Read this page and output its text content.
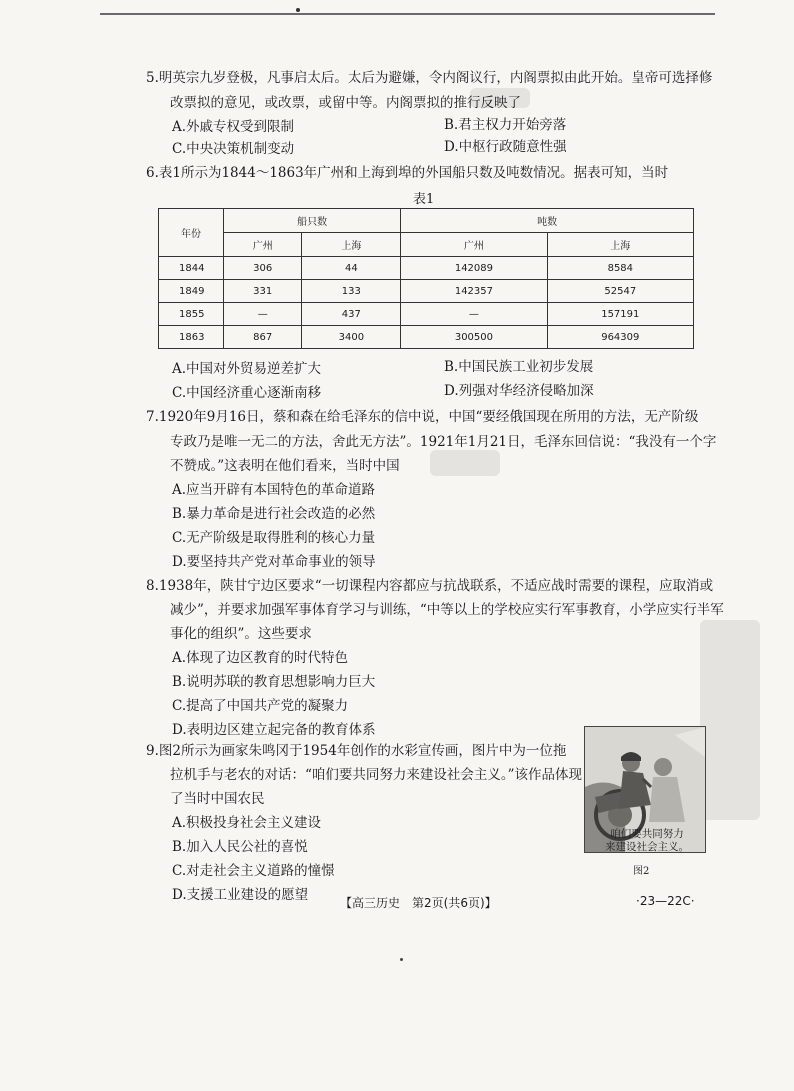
5.明英宗九岁登极，凡事启太后。太后为避嫌，令内阁议行，内阁票拟由此开始。皇帝可选择修
改票拟的意见，或改票，或留中等。内阁票拟的推行反映了
A.外戚专权受到限制	B.君主权力开始旁落
C.中央决策机制变动	D.中枢行政随意性强
6.表1所示为1844～1863年广州和上海到埠的外国船只数及吨数情况。据表可知，当时
表1
年份	船只数		吨数	
	广州	上海	广州	上海
1844	306	44	142089	8584
1849	331	133	142357	52547
1855	—	437	—	157191
1863	867	3400	300500	964309
A.中国对外贸易逆差扩大	B.中国民族工业初步发展
C.中国经济重心逐渐南移	D.列强对华经济侵略加深
7.1920年9月16日，蔡和森在给毛泽东的信中说，中国“要经俄国现在所用的方法，无产阶级
专政乃是唯一无二的方法，舍此无方法”。1921年1月21日，毛泽东回信说：“我没有一个字
不赞成。”这表明在他们看来，当时中国
A.应当开辟有本国特色的革命道路
B.暴力革命是进行社会改造的必然
C.无产阶级是取得胜利的核心力量
D.要坚持共产党对革命事业的领导
8.1938年，陕甘宁边区要求“一切课程内容都应与抗战联系，不适应战时需要的课程，应取消或
减少”，并要求加强军事体育学习与训练，“中等以上的学校应实行军事教育，小学应实行半军
事化的组织”。这些要求
A.体现了边区教育的时代特色
B.说明苏联的教育思想影响力巨大
C.提高了中国共产党的凝聚力
D.表明边区建立起完备的教育体系
9.图2所示为画家朱鸣冈于1954年创作的水彩宣传画，图片中为一位拖
拉机手与老农的对话：“咱们要共同努力来建设社会主义。”该作品体现
了当时中国农民
A.积极投身社会主义建设
B.加入人民公社的喜悦
C.对走社会主义道路的憧憬
D.支援工业建设的愿望
咱们要共同努力
来建设社会主义。
图2
【高三历史　第2页(共6页)】	·23—22C·
